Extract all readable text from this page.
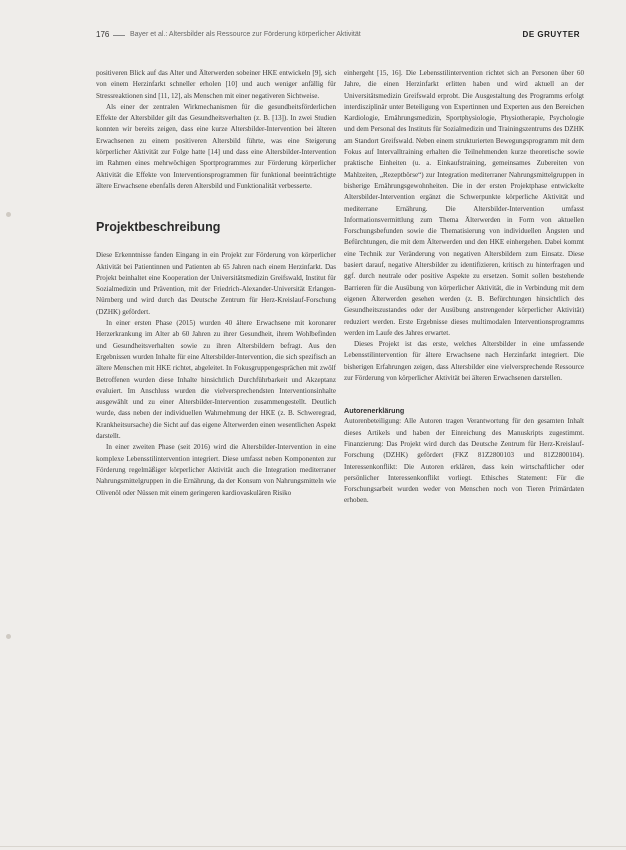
176	Bayer et al.: Altersbilder als Ressource zur Förderung körperlicher Aktivität	DE GRUYTER

positiveren Blick auf das Alter und Älterwerden sobeiner HKE entwickeln [9], sich von einem Herzinfarkt schneller erholen [10] und auch weniger anfällig für Stressreaktionen sind [11, 12], als Menschen mit einer negativeren Sichtweise.

Als einer der zentralen Wirkmechanismen für die gesundheitsförderlichen Effekte der Altersbilder gilt das Gesundheitsverhalten (z. B. [13]). In zwei Studien konnten wir bereits zeigen, dass eine kurze Altersbilder-Intervention bei älteren Erwachsenen zu einem positiveren Altersbild führte, was eine Steigerung körperlicher Aktivität zur Folge hatte [14] und dass eine Altersbilder-Intervention im Rahmen eines mehrwöchigen Sportprogrammes zur Förderung körperlicher Aktivität die Effekte von Interventionsprogrammen für funktional beeinträchtigte ältere Erwachsene ebenfalls deren Altersbild und Funktionalität verbesserte.

Projektbeschreibung

Diese Erkenntnisse fanden Eingang in ein Projekt zur Förderung von körperlicher Aktivität bei Patientinnen und Patienten ab 65 Jahren nach einem Herzinfarkt. Das Projekt beinhaltet eine Kooperation der Universitätsmedizin Greifswald, Institut für Sozialmedizin und Prävention, mit der Friedrich-Alexander-Universität Erlangen-Nürnberg und wird durch das Deutsche Zentrum für Herz-Kreislauf-Forschung (DZHK) gefördert.

In einer ersten Phase (2015) wurden 40 ältere Erwachsene mit koronarer Herzerkrankung im Alter ab 60 Jahren zu ihrer Gesundheit, ihrem Wohlbefinden und Gesundheitsverhalten sowie zu ihren Altersbildern befragt. Aus den Ergebnissen wurden Inhalte für eine Altersbilder-Intervention, die sich spezifisch an ältere Menschen mit HKE richtet, abgeleitet. In Fokusgruppengesprächen mit zwölf Betroffenen wurden diese Inhalte hinsichtlich Durchführbarkeit und Akzeptanz evaluiert. Im Anschluss wurden die vielversprechendsten Interventionsinhalte ausgewählt und zu einer Altersbilder-Intervention zusammengestellt. Deutlich wurde, dass neben der individuellen Wahrnehmung der HKE (z. B. Schweregrad, Krankheitsursache) die Sicht auf das eigene Älterwerden einen wesentlichen Aspekt darstellt.

In einer zweiten Phase (seit 2016) wird die Altersbilder-Intervention in eine komplexe Lebensstilintervention integriert. Diese umfasst neben Komponenten zur Förderung regelmäßiger körperlicher Aktivität auch die Integration mediterraner Nahrungsmittelgruppen in die Ernährung, da der Konsum von Nahrungsmitteln wie Olivenöl oder Nüssen mit einem geringeren kardiovaskulären Risiko

einhergeht [15, 16]. Die Lebensstilintervention richtet sich an Personen über 60 Jahre, die einen Herzinfarkt erlitten haben und wird aktuell an der Universitätsmedizin Greifswald erprobt. Die Ausgestaltung des Programms erfolgt interdisziplinär unter Beteiligung von Expertinnen und Experten aus den Bereichen Kardiologie, Ernährungsmedizin, Sportphysiologie, Physiotherapie, Psychologie und dem Personal des Instituts für Sozialmedizin und Trainingszentrums des DZHK am Standort Greifswald. Neben einem strukturierten Bewegungsprogramm mit dem Fokus auf Intervalltraining erhalten die Teilnehmenden kurze theoretische sowie praktische Einheiten (u. a. Einkaufstraining, gemeinsames Zubereiten von Mahlzeiten, „Rezeptbörse“) zur Integration mediterraner Nahrungsmittelgruppen in bisherige Ernährungsgewohnheiten. Die in der ersten Projektphase entwickelte Altersbilder-Intervention ergänzt die Schwerpunkte körperliche Aktivität und mediterrane Ernährung. Die Altersbilder-Intervention umfasst Informationsvermittlung zum Thema Älterwerden in Form von aktuellen Forschungsbefunden sowie die Thematisierung von individuellen Ängsten und Befürchtungen, die mit dem Älterwerden und den HKE einhergehen. Dabei kommt eine Technik zur Veränderung von negativen Altersbildern zum Einsatz. Diese basiert darauf, negative Altersbilder zu identifizieren, kritisch zu hinterfragen und ggf. durch neutrale oder positive Aspekte zu ersetzen. Somit sollen bestehende Barrieren für die Ausübung von körperlicher Aktivität, die in Verbindung mit dem eigenen Älterwerden gesehen werden (z. B. Befürchtungen hinsichtlich des Gesundheitszustandes oder der Ausübung anstrengender körperlicher Aktivität) reduziert werden. Erste Ergebnisse dieses multimodalen Interventionsprogramms werden im Laufe des Jahres erwartet.

Dieses Projekt ist das erste, welches Altersbilder in eine umfassende Lebensstilintervention für ältere Erwachsene nach Herzinfarkt integriert. Die bisherigen Erfahrungen zeigen, dass Altersbilder eine vielversprechende Ressource zur Förderung von körperlicher Aktivität bei älteren Erwachsenen darstellen.

Autorenerklärung

Autorenbeteiligung: Alle Autoren tragen Verantwortung für den gesamten Inhalt dieses Artikels und haben der Einreichung des Manuskripts zugestimmt. Finanzierung: Das Projekt wird durch das Deutsche Zentrum für Herz-Kreislauf-Forschung (DZHK) gefördert (FKZ 81Z2800103 und 81Z2800104). Interessenkonflikt: Die Autoren erklären, dass kein wirtschaftlicher oder persönlicher Interessenkonflikt vorliegt. Ethisches Statement: Für die Forschungsarbeit wurden weder von Menschen noch von Tieren Primärdaten erhoben.
